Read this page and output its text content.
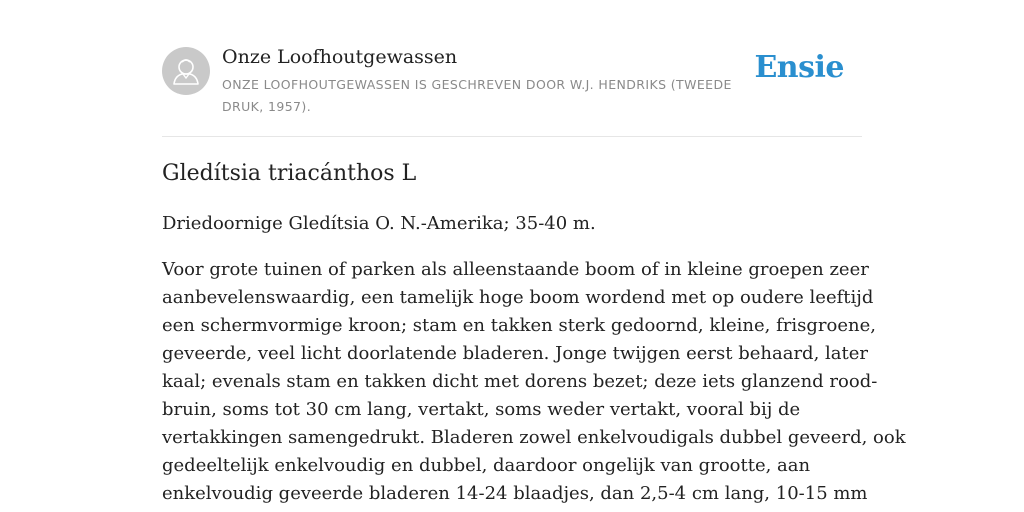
Onze Loofhoutgewassen
ONZE LOOFHOUTGEWASSEN IS GESCHREVEN DOOR W.J. HENDRIKS (TWEEDE DRUK, 1957).
Ensie
Gledítsia triacánthos L

Driedoornige Gledítsia O. N.-Amerika; 35-40 m.

Voor grote tuinen of parken als alleenstaande boom of in kleine groepen zeer
aanbevelenswaardig, een tamelijk hoge boom wordend met op oudere leeftijd
een schermvormige kroon; stam en takken sterk gedoornd, kleine, frisgroene,
geveerde, veel licht doorlatende bladeren. Jonge twijgen eerst behaard, later
kaal; evenals stam en takken dicht met dorens bezet; deze iets glanzend rood-
bruin, soms tot 30 cm lang, vertakt, soms weder vertakt, vooral bij de
vertakkingen samengedrukt. Bladeren zowel enkelvoudigals dubbel geveerd, ook
gedeeltelijk enkelvoudig en dubbel, daardoor ongelijk van grootte, aan
enkelvoudig geveerde bladeren 14-24 blaadjes, dan 2,5-4 cm lang, 10-15 mm
